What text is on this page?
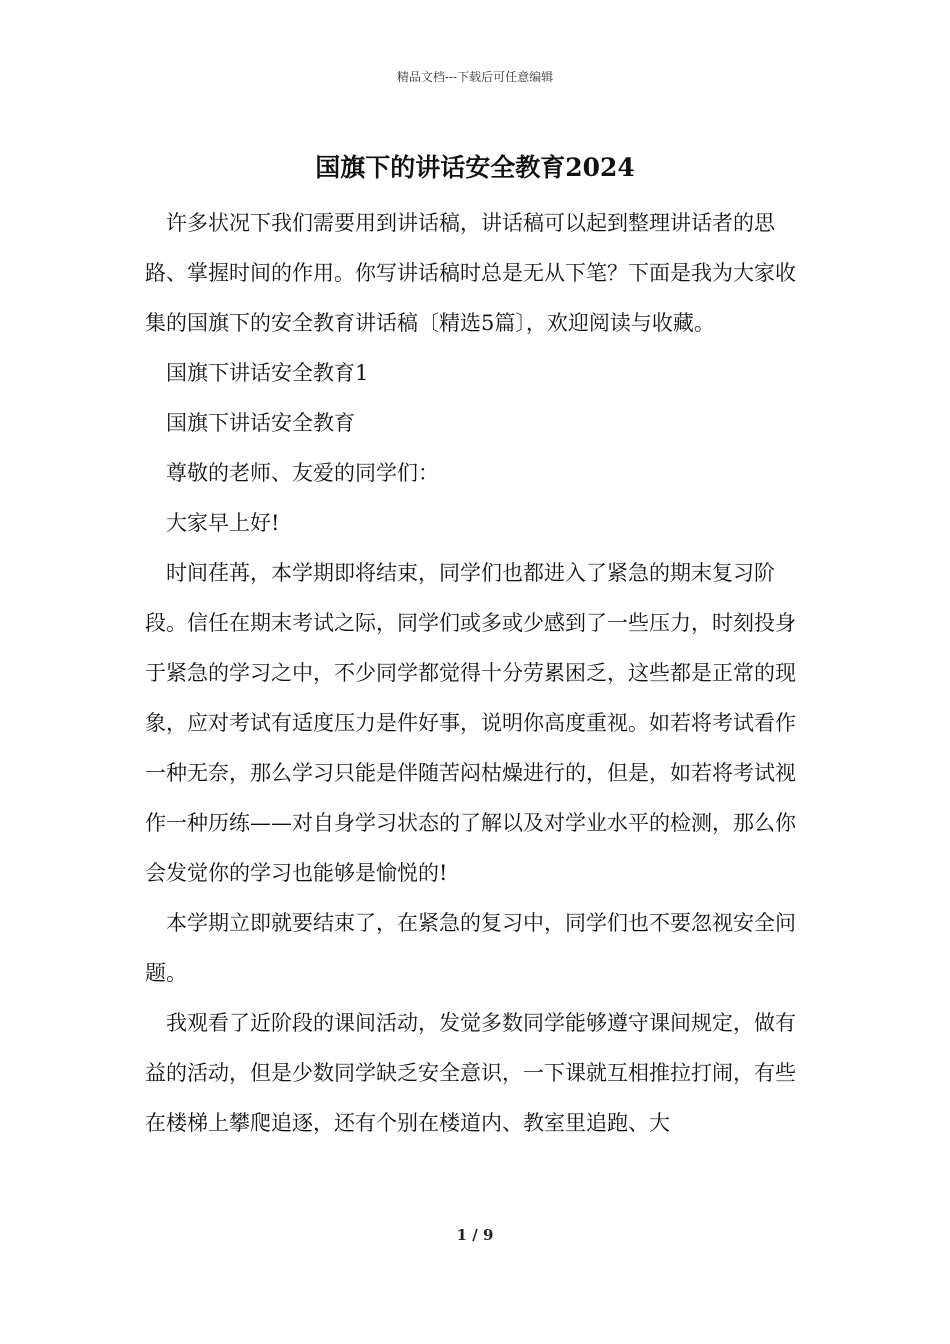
精品文档---下载后可任意编辑
国旗下的讲话安全教育2024

许多状况下我们需要用到讲话稿，讲话稿可以起到整理讲话者的思路、掌握时间的作用。你写讲话稿时总是无从下笔？下面是我为大家收集的国旗下的安全教育讲话稿〔精选5篇〕，欢迎阅读与收藏。

国旗下讲话安全教育1

国旗下讲话安全教育

尊敬的老师、友爱的同学们：

大家早上好!

时间荏苒，本学期即将结束，同学们也都进入了紧急的期末复习阶段。信任在期末考试之际，同学们或多或少感到了一些压力，时刻投身于紧急的学习之中，不少同学都觉得十分劳累困乏，这些都是正常的现象，应对考试有适度压力是件好事，说明你高度重视。如若将考试看作一种无奈，那么学习只能是伴随苦闷枯燥进行的，但是，如若将考试视作一种历练——对自身学习状态的了解以及对学业水平的检测，那么你会发觉你的学习也能够是愉悦的!

本学期立即就要结束了，在紧急的复习中，同学们也不要忽视安全问题。

我观看了近阶段的课间活动，发觉多数同学能够遵守课间规定，做有益的活动，但是少数同学缺乏安全意识，一下课就互相推拉打闹，有些在楼梯上攀爬追逐，还有个别在楼道内、教室里追跑、大

1 / 9
